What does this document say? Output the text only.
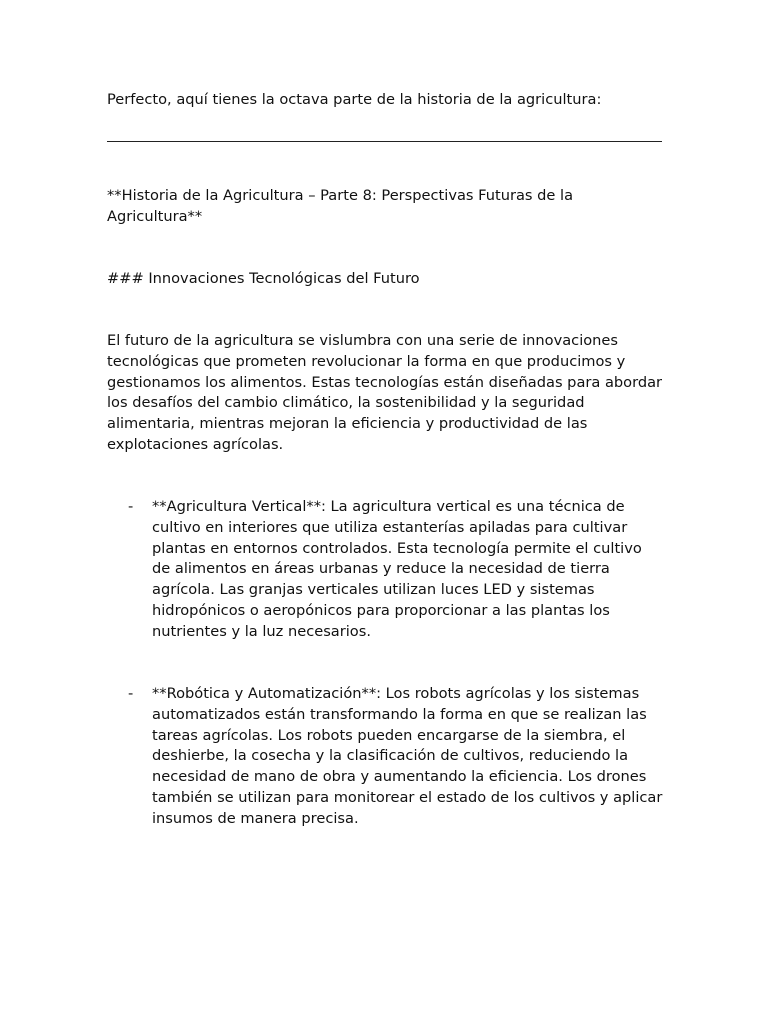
Perfecto, aquí tienes la octava parte de la historia de la agricultura:

**Historia de la Agricultura – Parte 8: Perspectivas Futuras de la Agricultura**

### Innovaciones Tecnológicas del Futuro

El futuro de la agricultura se vislumbra con una serie de innovaciones tecnológicas que prometen revolucionar la forma en que producimos y gestionamos los alimentos. Estas tecnologías están diseñadas para abordar los desafíos del cambio climático, la sostenibilidad y la seguridad alimentaria, mientras mejoran la eficiencia y productividad de las explotaciones agrícolas.

- **Agricultura Vertical**: La agricultura vertical es una técnica de cultivo en interiores que utiliza estanterías apiladas para cultivar plantas en entornos controlados. Esta tecnología permite el cultivo de alimentos en áreas urbanas y reduce la necesidad de tierra agrícola. Las granjas verticales utilizan luces LED y sistemas hidropónicos o aeropónicos para proporcionar a las plantas los nutrientes y la luz necesarios.

- **Robótica y Automatización**: Los robots agrícolas y los sistemas automatizados están transformando la forma en que se realizan las tareas agrícolas. Los robots pueden encargarse de la siembra, el deshierbe, la cosecha y la clasificación de cultivos, reduciendo la necesidad de mano de obra y aumentando la eficiencia. Los drones también se utilizan para monitorear el estado de los cultivos y aplicar insumos de manera precisa.
